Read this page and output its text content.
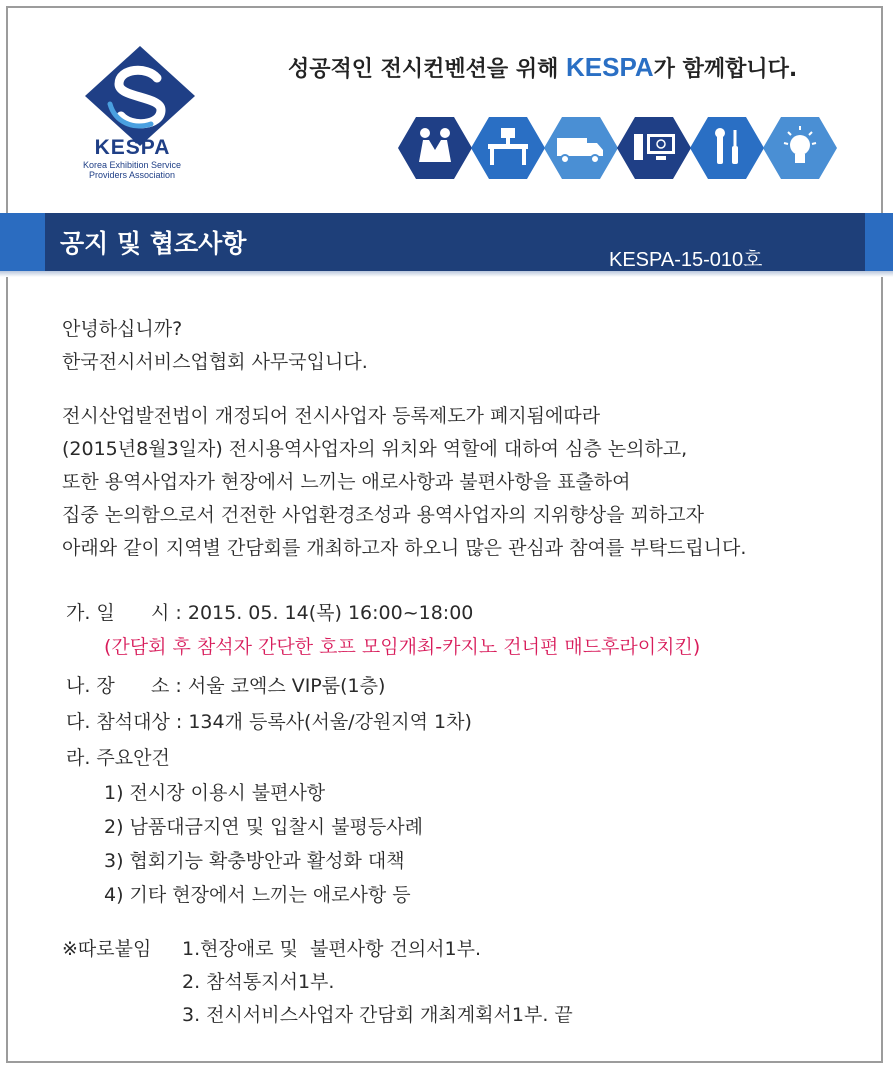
KESPA
Korea Exhibition Service
Providers Association
성공적인 전시컨벤션을 위해 KESPA가 함께합니다.
공지 및 협조사항
KESPA-15-010호
안녕하십니까?
한국전시서비스업협회 사무국입니다.
전시산업발전법이 개정되어 전시사업자 등록제도가 폐지됨에따라
(2015년8월3일자) 전시용역사업자의 위치와 역할에 대하여 심층 논의하고,
또한 용역사업자가 현장에서 느끼는 애로사항과 불편사항을 표출하여
집중 논의함으로서 건전한 사업환경조성과 용역사업자의 지위향상을 꾀하고자
아래와 같이 지역별 간담회를 개최하고자 하오니 많은 관심과 참여를 부탁드립니다.
가. 일      시 : 2015. 05. 14(목) 16:00~18:00
(간담회 후 참석자 간단한 호프 모임개최-카지노 건너편 매드후라이치킨)
나. 장      소 : 서울 코엑스 VIP룸(1층)
다. 참석대상 : 134개 등록사(서울/강원지역 1차)
라. 주요안건
1) 전시장 이용시 불편사항
2) 남품대금지연 및 입찰시 불평등사례
3) 협회기능 확충방안과 활성화 대책
4) 기타 현장에서 느끼는 애로사항 등
※따로붙임 1.현장애로 및  불편사항 건의서1부.
2. 참석통지서1부.
3. 전시서비스사업자 간담회 개최계획서1부. 끝
